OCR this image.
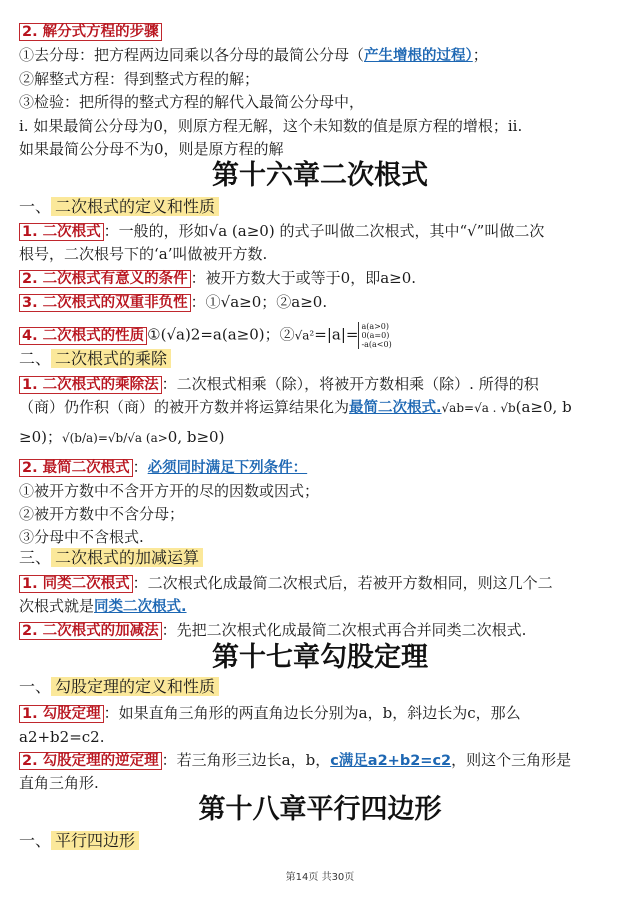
2. 解分式方程的步骤
①去分母：把方程两边同乘以各分母的最简公分母（产生增根的过程）；
②解整式方程：得到整式方程的解；
③检验：把所得的整式方程的解代入最简公分母中，
i. 如果最简公分母为0，则原方程无解，这个未知数的值是原方程的增根；ii.
如果最简公分母不为0，则是原方程的解
第十六章二次根式
一、 二次根式的定义和性质
1. 二次根式 ：一般的，形如√a (a≥0) 的式子叫做二次根式，其中“√”叫做二次
根号，二次根号下的‘a’叫做被开方数.
2. 二次根式有意义的条件 ：被开方数大于或等于0，即a≥0.
3. 二次根式的双重非负性 ：①√a≥0；②a≥0.
4. 二次根式的性质 ①(√a)2=a(a≥0)；②√a²=|a|= a(a>0)
0(a=0)
-a(a<0)
二、 二次根式的乘除
1. 二次根式的乘除法 ：二次根式相乘（除），将被开方数相乘（除）. 所得的积
（商）仍作积（商）的被开方数并将运算结果化为最简二次根式.√ab=√a . √b(a≥0, b
≥0)；√(b/a)=√b/√a (a>0, b≥0)
2. 最简二次根式 ：必须同时满足下列条件：
①被开方数中不含开方开的尽的因数或因式；
②被开方数中不含分母；
③分母中不含根式.
三、 二次根式的加减运算
1. 同类二次根式 ：二次根式化成最简二次根式后，若被开方数相同，则这几个二
次根式就是同类二次根式.
2. 二次根式的加减法 ：先把二次根式化成最简二次根式再合并同类二次根式.
第十七章勾股定理
一、 勾股定理的定义和性质
1. 勾股定理 ：如果直角三角形的两直角边长分别为a，b，斜边长为c，那么
a2+b2=c2.
2. 勾股定理的逆定理 ：若三角形三边长a，b，c满足a2+b2=c2，则这个三角形是
直角三角形.
第十八章平行四边形
一、 平行四边形
第14页 共30页
